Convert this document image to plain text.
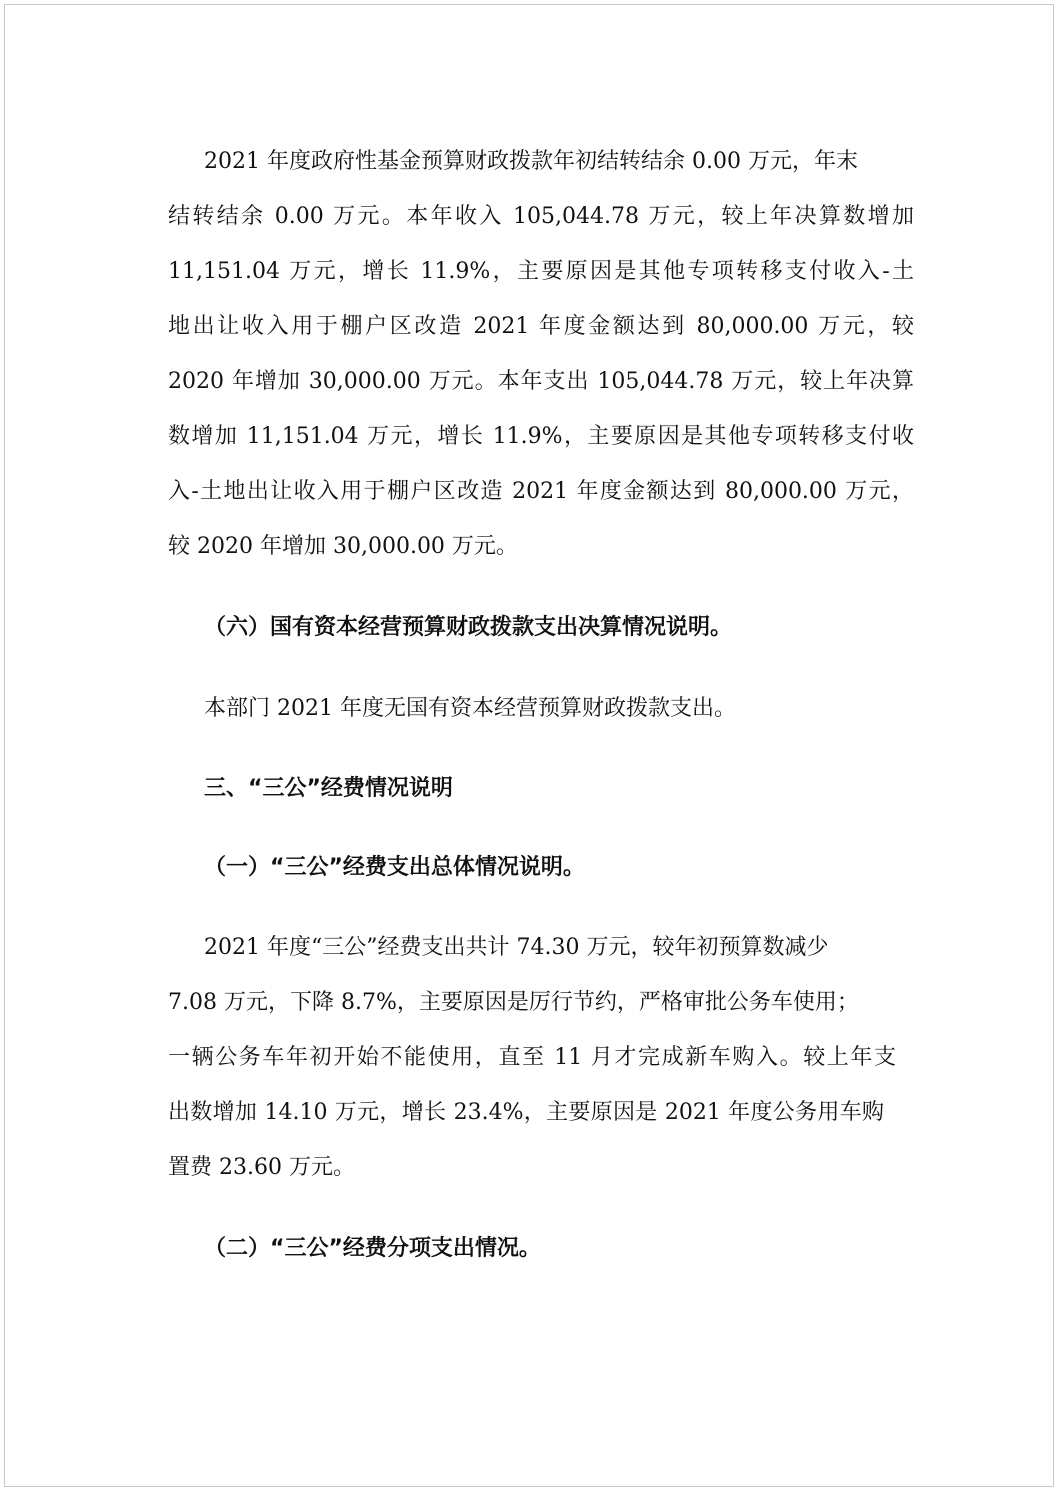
2021 年度政府性基金预算财政拨款年初结转结余 0.00 万元，年末
结转结余 0.00 万元。本年收入 105,044.78 万元，较上年决算数增加
11,151.04 万元，增长 11.9%，主要原因是其他专项转移支付收入-土
地出让收入用于棚户区改造 2021 年度金额达到 80,000.00 万元，较
2020 年增加 30,000.00 万元。本年支出 105,044.78 万元，较上年决算
数增加 11,151.04 万元，增长 11.9%，主要原因是其他专项转移支付收
入-土地出让收入用于棚户区改造 2021 年度金额达到 80,000.00 万元，
较 2020 年增加 30,000.00 万元。
（六）国有资本经营预算财政拨款支出决算情况说明。
本部门 2021 年度无国有资本经营预算财政拨款支出。
三、“三公”经费情况说明
（一）“三公”经费支出总体情况说明。
2021 年度“三公”经费支出共计 74.30 万元，较年初预算数减少
7.08 万元，下降 8.7%，主要原因是厉行节约，严格审批公务车使用；
一辆公务车年初开始不能使用，直至 11 月才完成新车购入。较上年支
出数增加 14.10 万元，增长 23.4%，主要原因是 2021 年度公务用车购
置费 23.60 万元。
（二）“三公”经费分项支出情况。
